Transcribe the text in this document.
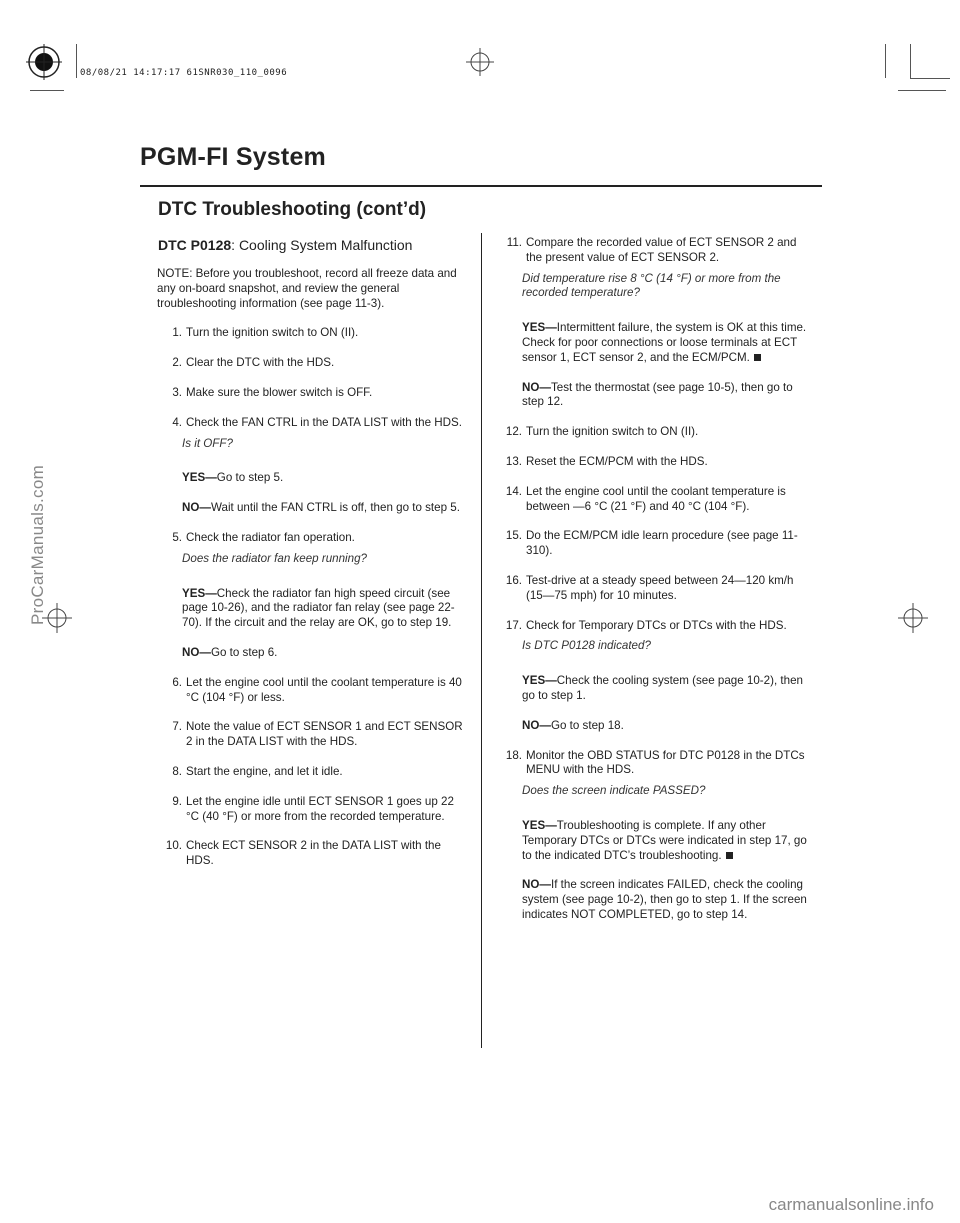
08/08/21 14:17:17 61SNR030_110_0096
PGM-FI System
DTC Troubleshooting (cont’d)
DTC P0128: Cooling System Malfunction
NOTE: Before you troubleshoot, record all freeze data and any on-board snapshot, and review the general troubleshooting information (see page 11-3).
1. Turn the ignition switch to ON (II).
2. Clear the DTC with the HDS.
3. Make sure the blower switch is OFF.
4. Check the FAN CTRL in the DATA LIST with the HDS.
Is it OFF?
YES—Go to step 5.
NO—Wait until the FAN CTRL is off, then go to step 5.
5. Check the radiator fan operation.
Does the radiator fan keep running?
YES—Check the radiator fan high speed circuit (see page 10-26), and the radiator fan relay (see page 22-70). If the circuit and the relay are OK, go to step 19.
NO—Go to step 6.
6. Let the engine cool until the coolant temperature is 40 °C (104 °F) or less.
7. Note the value of ECT SENSOR 1 and ECT SENSOR 2 in the DATA LIST with the HDS.
8. Start the engine, and let it idle.
9. Let the engine idle until ECT SENSOR 1 goes up 22 °C (40 °F) or more from the recorded temperature.
10. Check ECT SENSOR 2 in the DATA LIST with the HDS.
11. Compare the recorded value of ECT SENSOR 2 and the present value of ECT SENSOR 2.
Did temperature rise 8 °C (14 °F) or more from the recorded temperature?
YES—Intermittent failure, the system is OK at this time. Check for poor connections or loose terminals at ECT sensor 1, ECT sensor 2, and the ECM/PCM.
NO—Test the thermostat (see page 10-5), then go to step 12.
12. Turn the ignition switch to ON (II).
13. Reset the ECM/PCM with the HDS.
14. Let the engine cool until the coolant temperature is between —6 °C (21 °F) and 40 °C (104 °F).
15. Do the ECM/PCM idle learn procedure (see page 11-310).
16. Test-drive at a steady speed between 24—120 km/h (15—75 mph) for 10 minutes.
17. Check for Temporary DTCs or DTCs with the HDS.
Is DTC P0128 indicated?
YES—Check the cooling system (see page 10-2), then go to step 1.
NO—Go to step 18.
18. Monitor the OBD STATUS for DTC P0128 in the DTCs MENU with the HDS.
Does the screen indicate PASSED?
YES—Troubleshooting is complete. If any other Temporary DTCs or DTCs were indicated in step 17, go to the indicated DTC’s troubleshooting.
NO—If the screen indicates FAILED, check the cooling system (see page 10-2), then go to step 1. If the screen indicates NOT COMPLETED, go to step 14.
ProCarManuals.com
carmanualsonline.info
